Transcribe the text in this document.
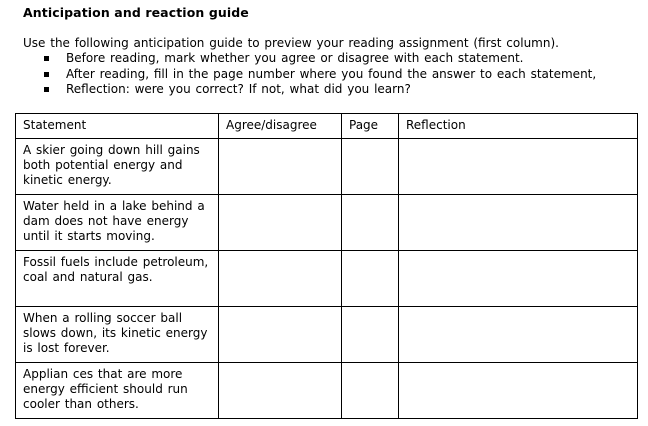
Anticipation and reaction guide
Use the following anticipation guide to preview your reading assignment (first column).
Before reading, mark whether you agree or disagree with each statement.
After reading, fill in the page number where you found the answer to each statement,
Reflection: were you correct? If not, what did you learn?
Statement	Agree/disagree	Page	Reflection
A skier going down hill gains both potential energy and kinetic energy.			
Water held in a lake behind a dam does not have energy until it starts moving.			
Fossil fuels include petroleum, coal and natural gas.			
When a rolling soccer ball slows down, its kinetic energy is lost forever.			
Applian ces that are more energy efficient should run cooler than others.			
